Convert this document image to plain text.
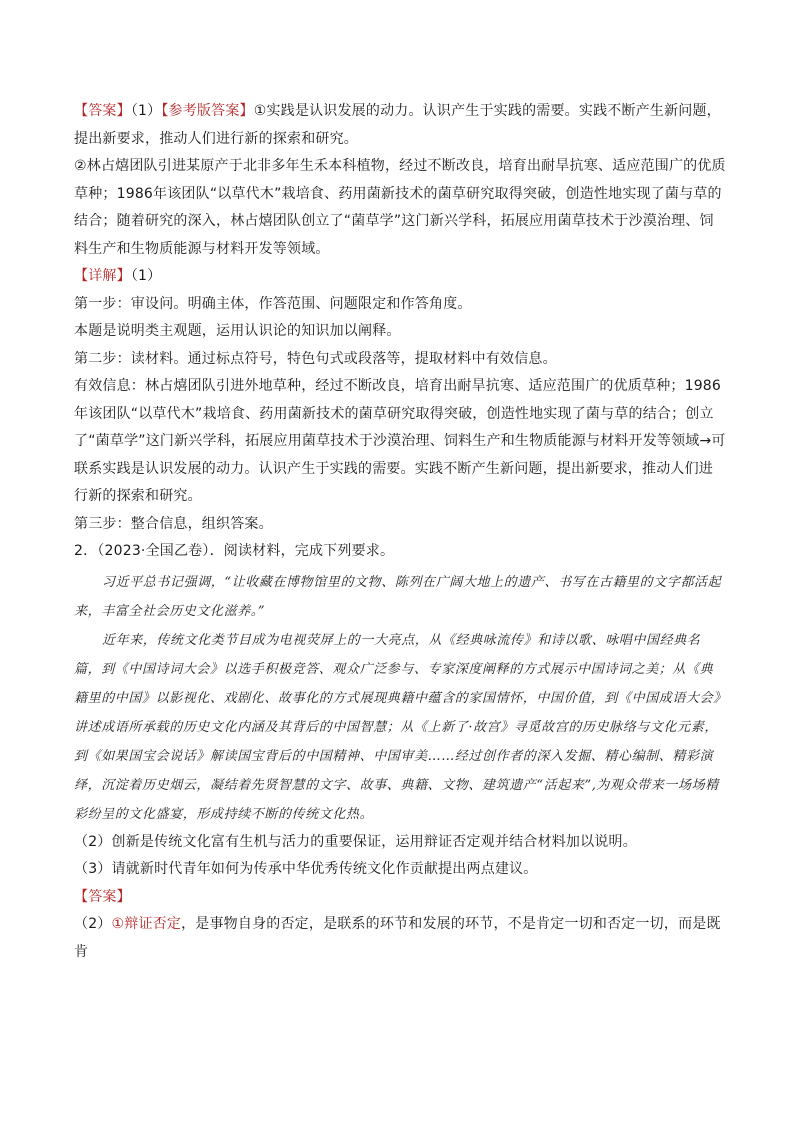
【答案】（1）【参考版答案】①实践是认识发展的动力。认识产生于实践的需要。实践不断产生新问题，提出新要求，推动人们进行新的探索和研究。

②林占熺团队引进某原产于北非多年生禾本科植物，经过不断改良，培育出耐旱抗寒、适应范围广的优质草种；1986年该团队“以草代木”栽培食、药用菌新技术的菌草研究取得突破，创造性地实现了菌与草的结合；随着研究的深入，林占熺团队创立了“菌草学”这门新兴学科，拓展应用菌草技术于沙漠治理、饲料生产和生物质能源与材料开发等领域。

【详解】（1）

第一步：审设问。明确主体，作答范围、问题限定和作答角度。

本题是说明类主观题，运用认识论的知识加以阐释。

第二步：读材料。通过标点符号，特色句式或段落等，提取材料中有效信息。

有效信息：林占熺团队引进外地草种，经过不断改良，培育出耐旱抗寒、适应范围广的优质草种；1986年该团队“以草代木”栽培食、药用菌新技术的菌草研究取得突破，创造性地实现了菌与草的结合；创立了“菌草学”这门新兴学科，拓展应用菌草技术于沙漠治理、饲料生产和生物质能源与材料开发等领域→可联系实践是认识发展的动力。认识产生于实践的需要。实践不断产生新问题，提出新要求，推动人们进行新的探索和研究。

第三步：整合信息，组织答案。

2．（2023·全国乙卷）．阅读材料，完成下列要求。

习近平总书记强调，“让收藏在博物馆里的文物、陈列在广阔大地上的遗产、书写在古籍里的文字都活起来，丰富全社会历史文化滋养。”

近年来，传统文化类节目成为电视荧屏上的一大亮点，从《经典咏流传》和诗以歌、咏唱中国经典名篇，到《中国诗词大会》以选手积极竞答、观众广泛参与、专家深度阐释的方式展示中国诗词之美；从《典籍里的中国》以影视化、戏剧化、故事化的方式展现典籍中蕴含的家国情怀，中国价值，到《中国成语大会》讲述成语所承载的历史文化内涵及其背后的中国智慧；从《上新了·故宫》寻觅故宫的历史脉络与文化元素，到《如果国宝会说话》解读国宝背后的中国精神、中国审美……经过创作者的深入发掘、精心编制、精彩演绎，沉淀着历史烟云，凝结着先贤智慧的文字、故事、典籍、文物、建筑遗产“活起来”,为观众带来一场场精彩纷呈的文化盛宴，形成持续不断的传统文化热。

（2）创新是传统文化富有生机与活力的重要保证，运用辩证否定观并结合材料加以说明。

（3）请就新时代青年如何为传承中华优秀传统文化作贡献提出两点建议。

【答案】

（2）①辩证否定，是事物自身的否定，是联系的环节和发展的环节，不是肯定一切和否定一切，而是既肯
